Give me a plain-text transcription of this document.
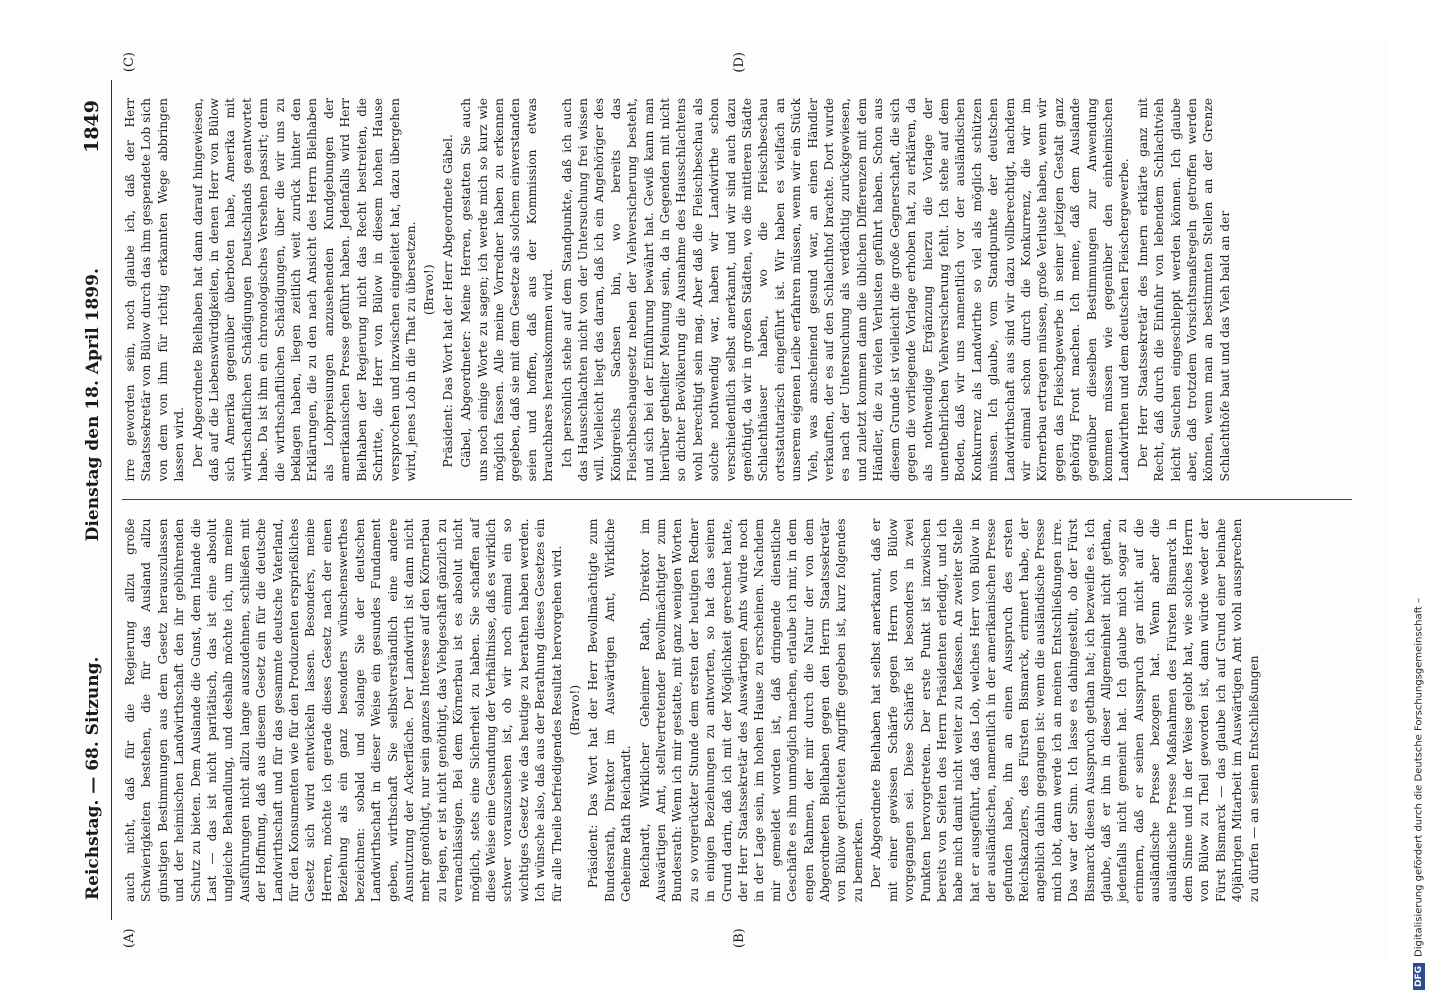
Reichstag. — 68. Sitzung.
Dienstag den 18. April 1899.
1849
(A)	(B)
(C)	(D)

auch nicht, daß für die Regierung allzu große Schwierigkeiten bestehen, die für das Ausland allzu günstigen Bestimmungen aus dem Gesetz herauszulassen und der heimischen Landwirthschaft den ihr gebührenden Schutz zu bieten. Dem Auslande die Gunst, dem Inlande die Last — das ist nicht paritätisch, das ist eine absolut ungleiche Behandlung, und deshalb möchte ich, um meine Ausführungen nicht allzu lange auszudehnen, schließen mit der Hoffnung, daß aus diesem Gesetz ein für die deutsche Landwirthschaft und für das gesammte deutsche Vaterland, für den Konsumenten wie für den Produzenten ersprießliches Gesetz sich wird entwickeln lassen. Besonders, meine Herren, möchte ich gerade dieses Gesetz nach der einen Beziehung als ein ganz besonders wünschenswerthes bezeichnen: sobald und solange Sie der deutschen Landwirthschaft in dieser Weise ein gesundes Fundament geben, wirthschaft Sie selbstverständlich eine andere Ausnutzung der Ackerfläche. Der Landwirth ist dann nicht mehr genöthigt, nur sein ganzes Interesse auf den Körnerbau zu legen, er ist nicht genöthigt, das Viehgeschäft gänzlich zu vernachlässigen. Bei dem Körnerbau ist es absolut nicht möglich, stets eine Sicherheit zu haben. Sie schaffen auf diese Weise eine Gesundung der Verhältnisse, daß es wirklich schwer vorauszusehen ist, ob wir noch einmal ein so wichtiges Gesetz wie das heutige zu berathen haben werden. Ich wünsche also, daß aus der Berathung dieses Gesetzes ein für alle Theile befriedigendes Resultat hervorgehen wird. (Bravo!) Präsident: Das Wort hat der Herr Bevollmächtigte zum Bundesrath, Direktor im Auswärtigen Amt, Wirkliche Geheime Rath Reichardt. Reichardt, Wirklicher Geheimer Rath, Direktor im Auswärtigen Amt, stellvertretender Bevollmächtigter zum Bundesrath: Wenn ich mir gestatte, mit ganz wenigen Worten zu so vorgerückter Stunde dem ersten der heutigen Redner in einigen Beziehungen zu antworten, so hat das seinen Grund darin, daß ich mit der Möglichkeit gerechnet hatte, der Herr Staatssekretär des Auswärtigen Amts würde noch in der Lage sein, im hohen Hause zu erscheinen. Nachdem mir gemeldet worden ist, daß dringende dienstliche Geschäfte es ihm unmöglich machen, erlaube ich mir, in dem engen Rahmen, der mir durch die Natur der von dem Abgeordneten Bielhaben gegen den Herrn Staatssekretär von Bülow gerichteten Angriffe gegeben ist, kurz folgendes zu bemerken. Der Abgeordnete Bielhaben hat selbst anerkannt, daß er mit einer gewissen Schärfe gegen Herrn von Bülow vorgegangen sei. Diese Schärfe ist besonders in zwei Punkten hervorgetreten. Der erste Punkt ist inzwischen bereits von Seiten des Herrn Präsidenten erledigt, und ich habe mich damit nicht weiter zu befassen. An zweiter Stelle hat er ausgeführt, daß das Lob, welches Herr von Bülow in der ausländischen, namentlich in der amerikanischen Presse gefunden habe, ihn an einen Ausspruch des ersten Reichskanzlers, des Fürsten Bismarck, erinnert habe, der angeblich dahin gegangen ist: wenn die ausländische Presse mich lobt, dann werde ich an meinen Entschließungen irre. Das war der Sinn. Ich lasse es dahingestellt, ob der Fürst Bismarck diesen Ausspruch gethan hat; ich bezweifle es. Ich glaube, daß er ihn in dieser Allgemeinheit nicht gethan, jedenfalls nicht gemeint hat. Ich glaube mich sogar zu erinnern, daß er seinen Ausspruch gar nicht auf die ausländische Presse bezogen hat. Wenn aber die ausländische Presse Maßnahmen des Fürsten Bismarck in dem Sinne und in der Weise gelobt hat, wie solches Herrn von Bülow zu Theil geworden ist, dann würde weder der Fürst Bismarck — das glaube ich auf Grund einer beinahe 40jährigen Mitarbeit im Auswärtigen Amt wohl aussprechen zu dürfen — an seinen Entschließungen

irre geworden sein, noch glaube ich, daß der Herr Staatssekretär von Bülow durch das ihm gespendete Lob sich von dem von ihm für richtig erkannten Wege abbringen lassen wird. Der Abgeordnete Bielhaben hat dann darauf hingewiesen, daß auf die Liebenswürdigkeiten, in denen Herr von Bülow sich Amerika gegenüber überboten habe, Amerika mit wirthschaftlichen Schädigungen Deutschlands geantwortet habe. Da ist ihm ein chronologisches Versehen passirt; denn die wirthschaftlichen Schädigungen, über die wir uns zu beklagen haben, liegen zeitlich weit zurück hinter den Erklärungen, die zu den nach Ansicht des Herrn Bielhaben als Lobpreisungen anzusehenden Kundgebungen der amerikanischen Presse geführt haben. Jedenfalls wird Herr Bielhaben der Regierung nicht das Recht bestreiten, die Schritte, die Herr von Bülow in diesem hohen Hause versprochen und inzwischen eingeleitet hat, dazu übergehen wird, jenes Lob in die That zu übersetzen. (Bravo!) Präsident: Das Wort hat der Herr Abgeordnete Gäbel. Gäbel, Abgeordneter: Meine Herren, gestatten Sie auch uns noch einige Worte zu sagen; ich werde mich so kurz wie möglich fassen. Alle meine Vorredner haben zu erkennen gegeben, daß sie mit dem Gesetze als solchem einverstanden seien und hoffen, daß aus der Kommission etwas brauchbares herauskommen wird. Ich persönlich stehe auf dem Standpunkte, daß ich auch das Hausschlachten nicht von der Untersuchung frei wissen will. Vielleicht liegt das daran, daß ich ein Angehöriger des Königreichs Sachsen bin, wo bereits das Fleischbeschaugesetz neben der Viehversicherung besteht, und sich bei der Einführung bewährt hat. Gewiß kann man hierüber getheilter Meinung sein, da in Gegenden mit nicht so dichter Bevölkerung die Ausnahme des Hausschlachtens wohl berechtigt sein mag. Aber daß die Fleischbeschau als solche nothwendig war, haben wir Landwirthe schon verschiedentlich selbst anerkannt, und wir sind auch dazu genöthigt, da wir in großen Städten, wo die mittleren Städte Schlachthäuser haben, wo die Fleischbeschau ortsstatutarisch eingeführt ist. Wir haben es vielfach an unserem eigenen Leibe erfahren müssen, wenn wir ein Stück Vieh, was anscheinend gesund war, an einen Händler verkauften, der es auf den Schlachthof brachte. Dort wurde es nach der Untersuchung als verdächtig zurückgewiesen, und zuletzt kommen dann die üblichen Differenzen mit dem Händler, die zu vielen Verlusten geführt haben. Schon aus diesem Grunde ist vielleicht die große Gegnerschaft, die sich gegen die vorliegende Vorlage erhoben hat, zu erklären, da als nothwendige Ergänzung hierzu die Vorlage der unentbehrlichen Viehversicherung fehlt. Ich stehe auf dem Boden, daß wir uns namentlich vor der ausländischen Konkurrenz als Landwirthe so viel als möglich schützen müssen. Ich glaube, vom Standpunkte der deutschen Landwirthschaft aus sind wir dazu vollberechtigt, nachdem wir einmal schon durch die Konkurrenz, die wir im Körnerbau ertragen müssen, große Verluste haben, wenn wir gegen das Fleischgewerbe in seiner jetzigen Gestalt ganz gehörig Front machen. Ich meine, daß dem Auslande gegenüber dieselben Bestimmungen zur Anwendung kommen müssen wie gegenüber den einheimischen Landwirthen und dem deutschen Fleischergewerbe. Der Herr Staatssekretär des Innern erklärte ganz mit Recht, daß durch die Einfuhr von lebendem Schlachtvieh leicht Seuchen eingeschleppt werden können. Ich glaube aber, daß trotzdem Vorsichtsmaßregeln getroffen werden können, wenn man an bestimmten Stellen an der Grenze Schlachthöfe baut und das Vieh bald an der

DFG
Digitalisierung gefördert durch die Deutsche Forschungsgemeinschaft –
